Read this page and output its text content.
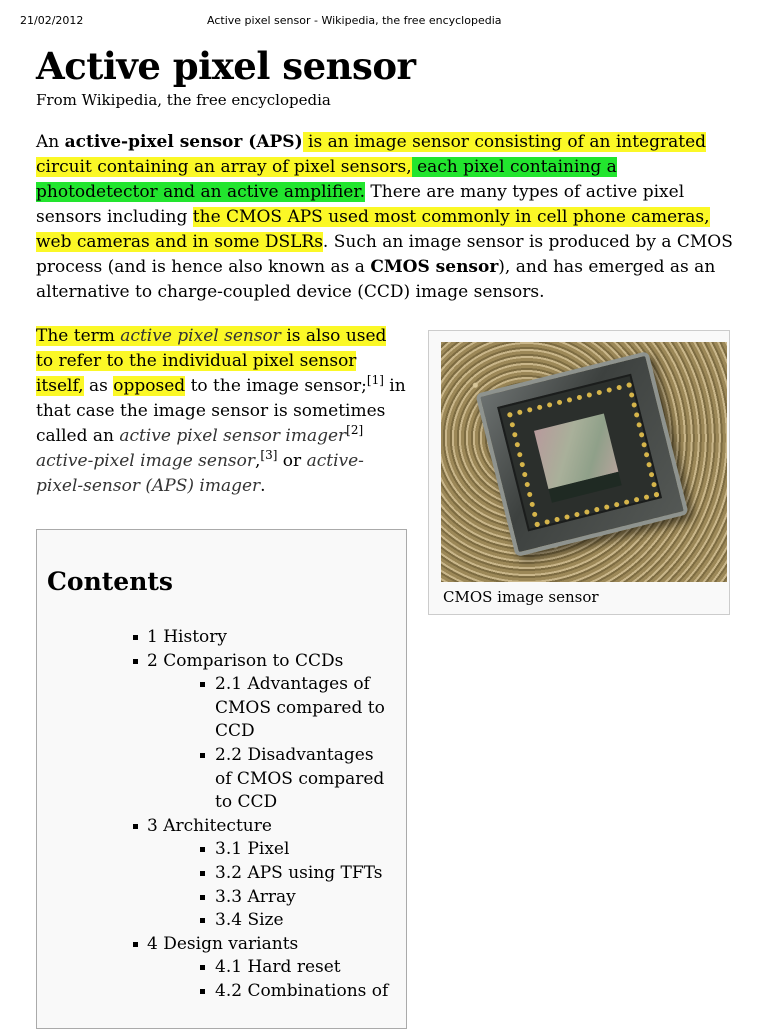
21/02/2012	Active pixel sensor - Wikipedia, the free encyclopedia
Active pixel sensor
From Wikipedia, the free encyclopedia

An active-pixel sensor (APS) is an image sensor consisting of an integrated circuit containing an array of pixel sensors, each pixel containing a photodetector and an active amplifier. There are many types of active pixel sensors including the CMOS APS used most commonly in cell phone cameras, web cameras and in some DSLRs. Such an image sensor is produced by a CMOS process (and is hence also known as a CMOS sensor), and has emerged as an alternative to charge-coupled device (CCD) image sensors.

The term active pixel sensor is also used to refer to the individual pixel sensor itself, as opposed to the image sensor;[1] in that case the image sensor is sometimes called an active pixel sensor imager[2] active-pixel image sensor,[3] or active-pixel-sensor (APS) imager.

CMOS image sensor
Contents
1 History
2 Comparison to CCDs
2.1 Advantages of CMOS compared to CCD
2.2 Disadvantages of CMOS compared to CCD
3 Architecture
3.1 Pixel
3.2 APS using TFTs
3.3 Array
3.4 Size
4 Design variants
4.1 Hard reset
4.2 Combinations of
